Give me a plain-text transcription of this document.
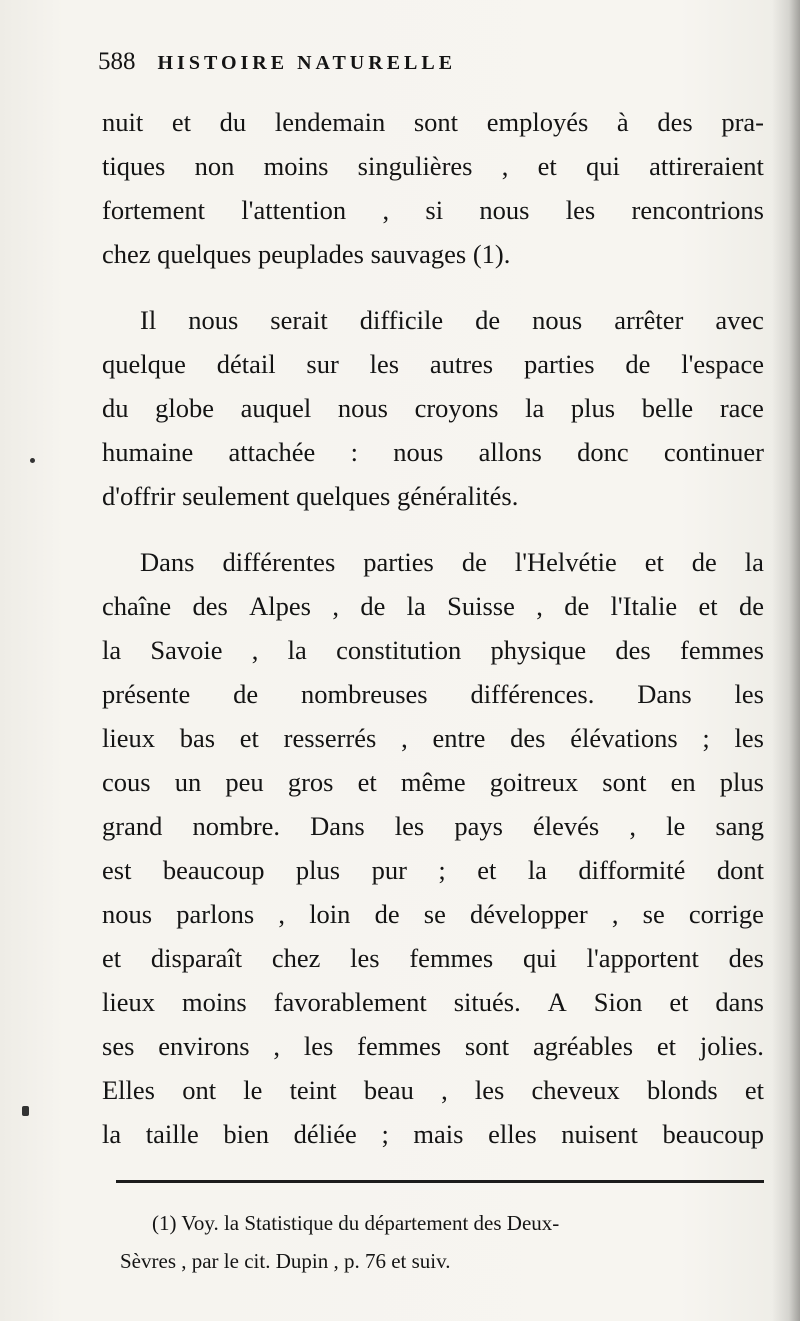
588 HISTOIRE NATURELLE
nuit et du lendemain sont employés à des pra-
tiques non moins singulières , et qui attireraient
fortement l'attention , si nous les rencontrions
chez quelques peuplades sauvages (1).
Il nous serait difficile de nous arrêter avec
quelque détail sur les autres parties de l'espace
du globe auquel nous croyons la plus belle race
humaine attachée : nous allons donc continuer
d'offrir seulement quelques généralités.
Dans différentes parties de l'Helvétie et de la
chaîne des Alpes , de la Suisse , de l'Italie et de
la Savoie , la constitution physique des femmes
présente de nombreuses différences. Dans les
lieux bas et resserrés , entre des élévations ; les
cous un peu gros et même goitreux sont en plus
grand nombre. Dans les pays élevés , le sang
est beaucoup plus pur ; et la difformité dont
nous parlons , loin de se développer , se corrige
et disparaît chez les femmes qui l'apportent des
lieux moins favorablement situés. A Sion et dans
ses environs , les femmes sont agréables et jolies.
Elles ont le teint beau , les cheveux blonds et
la taille bien déliée ; mais elles nuisent beaucoup
(1) Voy. la Statistique du département des Deux-
Sèvres , par le cit. Dupin , p. 76 et suiv.
